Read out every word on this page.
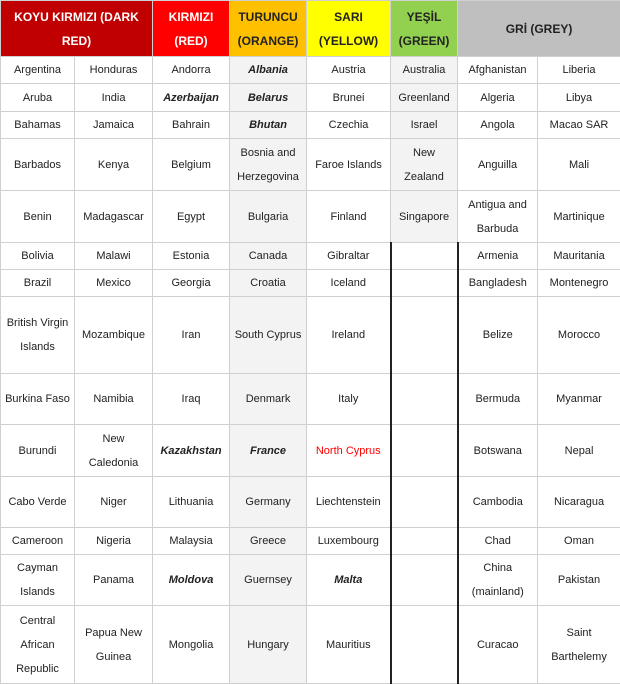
KOYU KIRMIZI (DARK RED)		KIRMIZI (RED)	TURUNCU (ORANGE)	SARI (YELLOW)	YEŞİL (GREEN)	GRİ (GREY)	
Argentina	Honduras	Andorra	Albania	Austria	Australia	Afghanistan	Liberia
Aruba	India	Azerbaijan	Belarus	Brunei	Greenland	Algeria	Libya
Bahamas	Jamaica	Bahrain	Bhutan	Czechia	Israel	Angola	Macao SAR
Barbados	Kenya	Belgium	Bosnia and Herzegovina	Faroe Islands	New Zealand	Anguilla	Mali
Benin	Madagascar	Egypt	Bulgaria	Finland	Singapore	Antigua and Barbuda	Martinique
Bolivia	Malawi	Estonia	Canada	Gibraltar		Armenia	Mauritania
Brazil	Mexico	Georgia	Croatia	Iceland		Bangladesh	Montenegro
British Virgin Islands	Mozambique	Iran	South Cyprus	Ireland		Belize	Morocco
Burkina Faso	Namibia	Iraq	Denmark	Italy		Bermuda	Myanmar
Burundi	New Caledonia	Kazakhstan	France	North Cyprus		Botswana	Nepal
Cabo Verde	Niger	Lithuania	Germany	Liechtenstein		Cambodia	Nicaragua
Cameroon	Nigeria	Malaysia	Greece	Luxembourg		Chad	Oman
Cayman Islands	Panama	Moldova	Guernsey	Malta		China (mainland)	Pakistan
Central African Republic	Papua New Guinea	Mongolia	Hungary	Mauritius		Curacao	Saint Barthelemy
